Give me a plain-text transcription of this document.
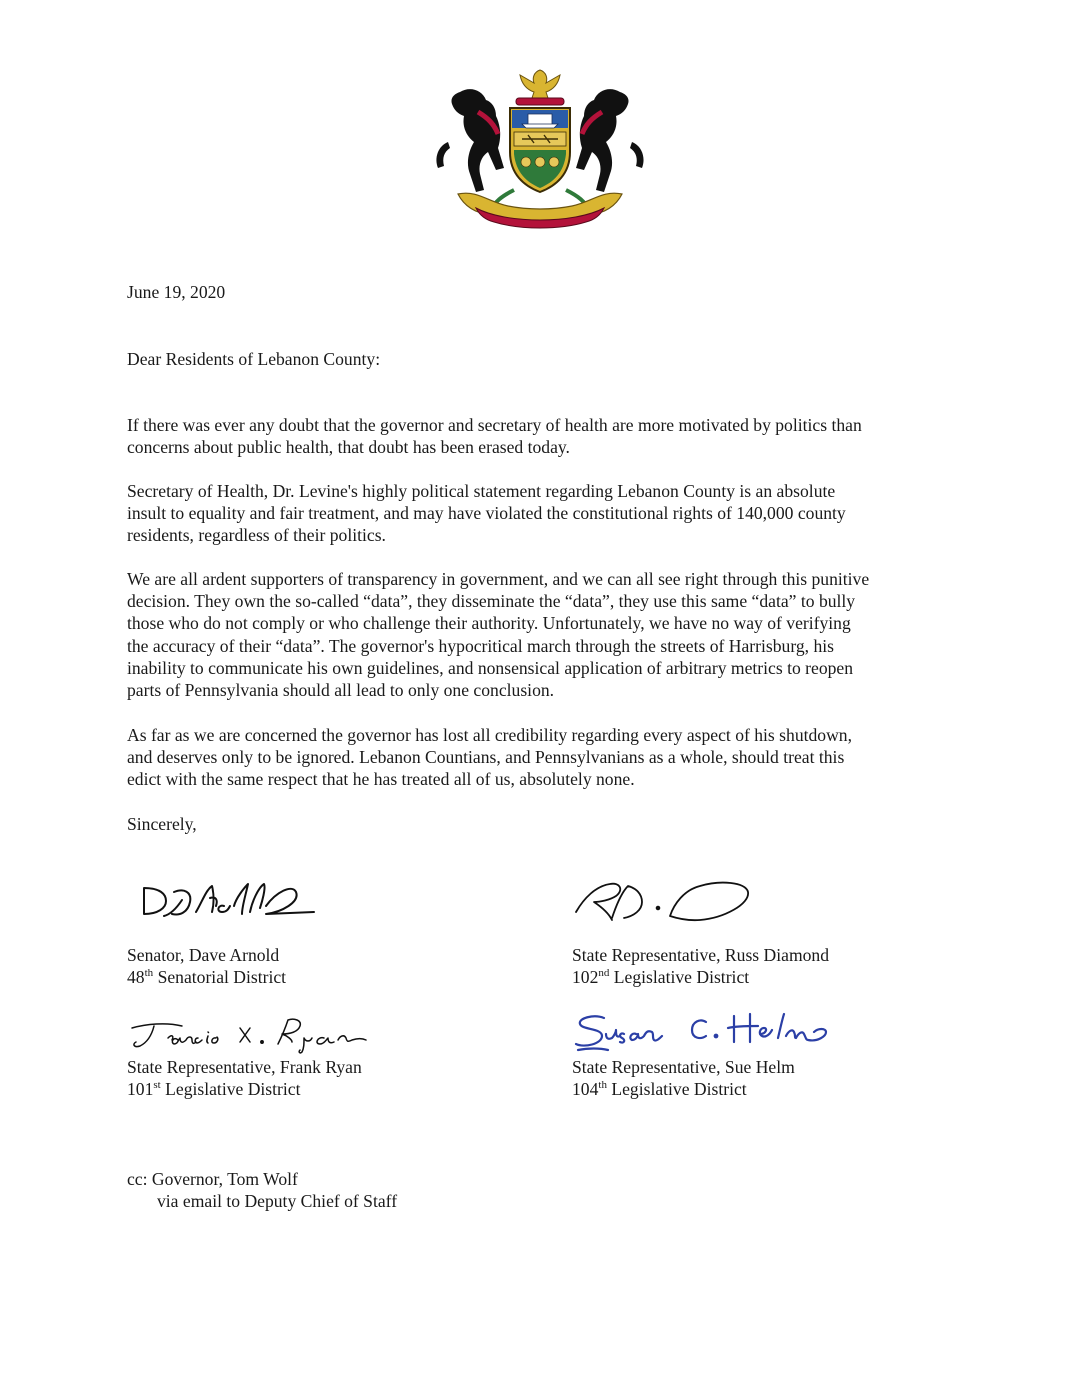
June 19, 2020
Dear Residents of Lebanon County:
If there was ever any doubt that the governor and secretary of health are more motivated by politics than
concerns about public health, that doubt has been erased today.
Secretary of Health, Dr. Levine's highly political statement regarding Lebanon County is an absolute
insult to equality and fair treatment, and may have violated the constitutional rights of 140,000 county
residents, regardless of their politics.
We are all ardent supporters of transparency in government, and we can all see right through this punitive
decision. They own the so-called “data”, they disseminate the “data”, they use this same “data” to bully
those who do not comply or who challenge their authority. Unfortunately, we have no way of verifying
the accuracy of their “data”. The governor's hypocritical march through the streets of Harrisburg, his
inability to communicate his own guidelines, and nonsensical application of arbitrary metrics to reopen
parts of Pennsylvania should all lead to only one conclusion.
As far as we are concerned the governor has lost all credibility regarding every aspect of his shutdown,
and deserves only to be ignored. Lebanon Countians, and Pennsylvanians as a whole, should treat this
edict with the same respect that he has treated all of us, absolutely none.
Sincerely,
Senator, Dave Arnold
48th Senatorial District
State Representative, Russ Diamond
102nd Legislative District
State Representative, Frank Ryan
101st Legislative District
State Representative, Sue Helm
104th Legislative District
cc: Governor, Tom Wolf
via email to Deputy Chief of Staff
